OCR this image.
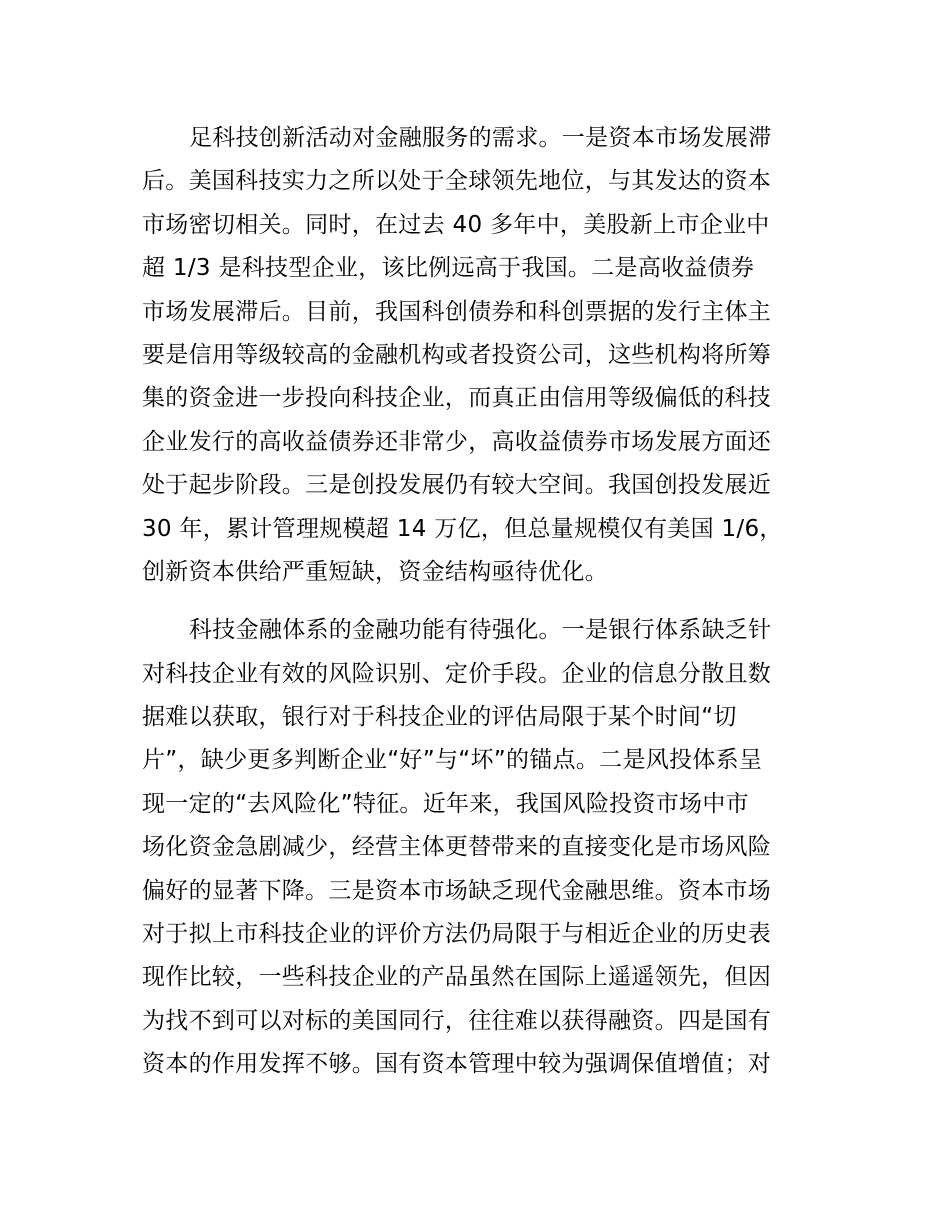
足科技创新活动对金融服务的需求。一是资本市场发展滞
后。美国科技实力之所以处于全球领先地位，与其发达的资本
市场密切相关。同时，在过去 40 多年中，美股新上市企业中
超 1/3 是科技型企业，该比例远高于我国。二是高收益债券
市场发展滞后。目前，我国科创债券和科创票据的发行主体主
要是信用等级较高的金融机构或者投资公司，这些机构将所筹
集的资金进一步投向科技企业，而真正由信用等级偏低的科技
企业发行的高收益债券还非常少，高收益债券市场发展方面还
处于起步阶段。三是创投发展仍有较大空间。我国创投发展近
30 年，累计管理规模超 14 万亿，但总量规模仅有美国 1/6，
创新资本供给严重短缺，资金结构亟待优化。
科技金融体系的金融功能有待强化。一是银行体系缺乏针
对科技企业有效的风险识别、定价手段。企业的信息分散且数
据难以获取，银行对于科技企业的评估局限于某个时间“切
片”，缺少更多判断企业“好”与“坏”的锚点。二是风投体系呈
现一定的“去风险化”特征。近年来，我国风险投资市场中市
场化资金急剧减少，经营主体更替带来的直接变化是市场风险
偏好的显著下降。三是资本市场缺乏现代金融思维。资本市场
对于拟上市科技企业的评价方法仍局限于与相近企业的历史表
现作比较，一些科技企业的产品虽然在国际上遥遥领先，但因
为找不到可以对标的美国同行，往往难以获得融资。四是国有
资本的作用发挥不够。国有资本管理中较为强调保值增值；对
